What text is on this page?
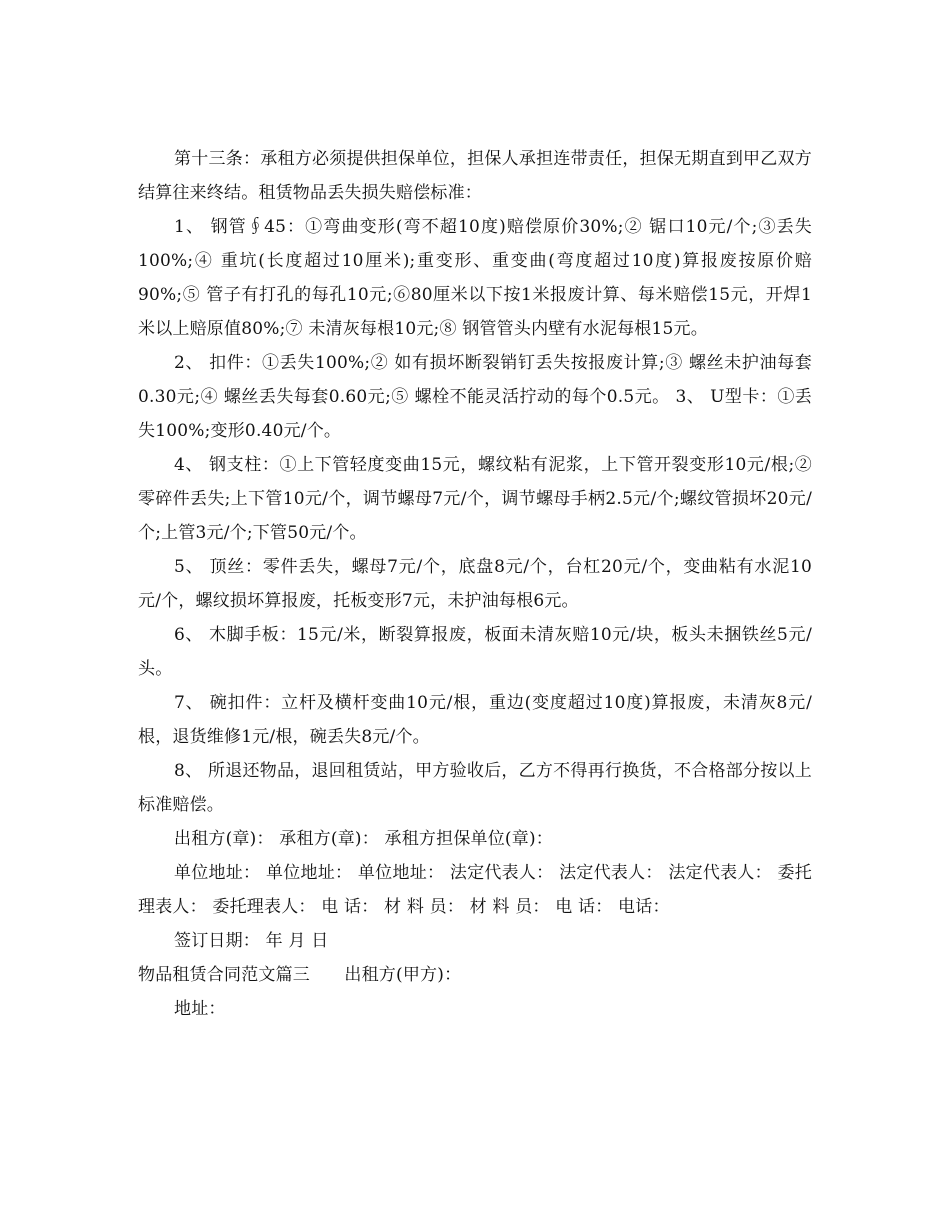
第十三条：承租方必须提供担保单位，担保人承担连带责任，担保无期直到甲乙双方结算往来终结。租赁物品丢失损失赔偿标准：

1、 钢管∮45：①弯曲变形(弯不超10度)赔偿原价30%;② 锯口10元/个;③丢失100%;④ 重坑(长度超过10厘米);重变形、重变曲(弯度超过10度)算报废按原价赔90%;⑤ 管子有打孔的每孔10元;⑥80厘米以下按1米报废计算、每米赔偿15元，开焊1米以上赔原值80%;⑦ 未清灰每根10元;⑧ 钢管管头内壁有水泥每根15元。

2、 扣件：①丢失100%;② 如有损坏断裂销钉丢失按报废计算;③ 螺丝未护油每套0.30元;④ 螺丝丢失每套0.60元;⑤ 螺栓不能灵活拧动的每个0.5元。 3、 U型卡：①丢失100%;变形0.40元/个。

4、 钢支柱：①上下管轻度变曲15元，螺纹粘有泥浆，上下管开裂变形10元/根;② 零碎件丢失;上下管10元/个，调节螺母7元/个，调节螺母手柄2.5元/个;螺纹管损坏20元/个;上管3元/个;下管50元/个。

5、 顶丝：零件丢失，螺母7元/个，底盘8元/个，台杠20元/个，变曲粘有水泥10元/个，螺纹损坏算报废，托板变形7元，未护油每根6元。

6、 木脚手板：15元/米，断裂算报废，板面未清灰赔10元/块，板头未捆铁丝5元/头。

7、 碗扣件：立杆及横杆变曲10元/根，重边(变度超过10度)算报废，未清灰8元/根，退货维修1元/根，碗丢失8元/个。

8、 所退还物品，退回租赁站，甲方验收后，乙方不得再行换货，不合格部分按以上标准赔偿。

出租方(章)： 承租方(章)： 承租方担保单位(章)：

单位地址： 单位地址： 单位地址： 法定代表人： 法定代表人： 法定代表人： 委托理表人： 委托理表人： 电 话： 材 料 员： 材 料 员： 电 话： 电话：

签订日期： 年 月 日

物品租赁合同范文篇三　　出租方(甲方)：

地址：
